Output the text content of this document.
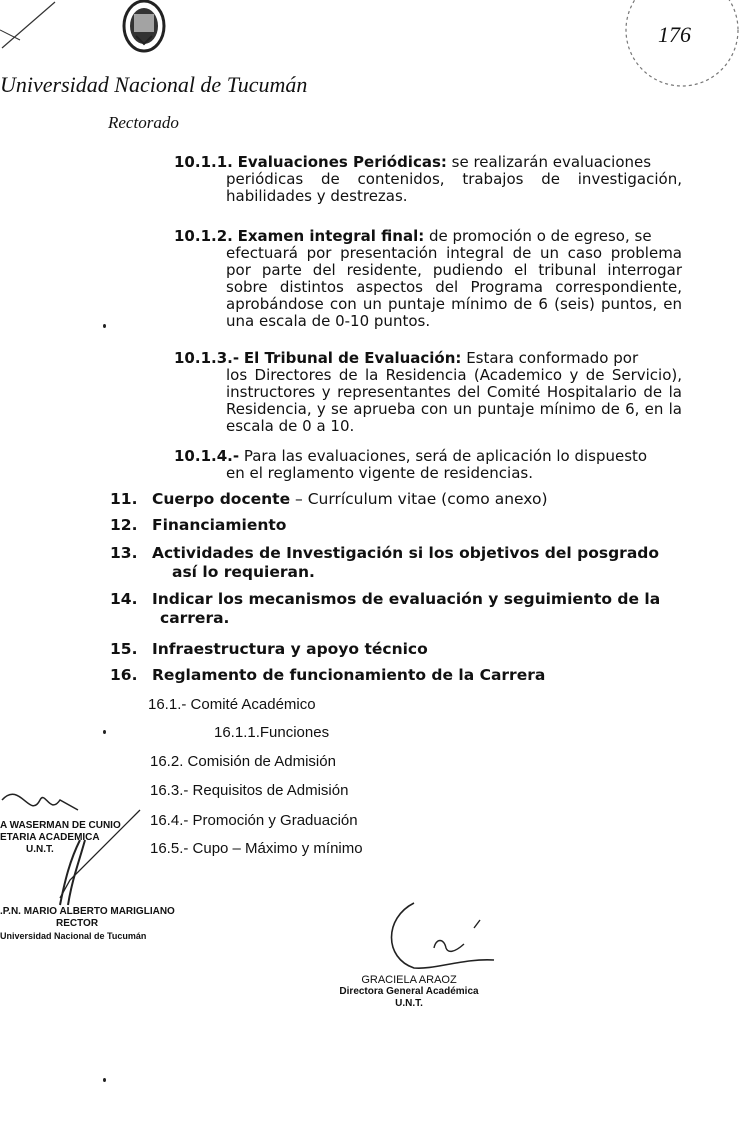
Universidad Nacional de Tucumán
Rectorado
176
10.1.1. Evaluaciones Periódicas: se realizarán evaluaciones
periódicas de contenidos, trabajos de investigación, habilidades y destrezas.
10.1.2. Examen integral final: de promoción o de egreso, se
efectuará por presentación integral de un caso problema por parte del residente, pudiendo el tribunal interrogar sobre distintos aspectos del Programa correspondiente, aprobándose con un puntaje mínimo de 6 (seis) puntos, en una escala de 0-10 puntos.
10.1.3.- El Tribunal de Evaluación: Estara conformado por
los Directores de la Residencia (Academico y de Servicio), instructores y representantes del Comité Hospitalario de la Residencia, y se aprueba con un puntaje mínimo de 6, en la escala de 0 a 10.
10.1.4.- Para las evaluaciones, será de aplicación lo dispuesto
en el reglamento vigente de residencias.
11. Cuerpo docente – Currículum vitae (como anexo)
12. Financiamiento
13. Actividades de Investigación si los objetivos del posgrado
así lo requieran.
14. Indicar los mecanismos de evaluación y seguimiento de la
carrera.
15. Infraestructura y apoyo técnico
16. Reglamento de funcionamiento de la Carrera
16.1.- Comité Académico
16.1.1.Funciones
16.2. Comisión de Admisión
16.3.- Requisitos de Admisión
16.4.- Promoción y Graduación
16.5.- Cupo – Máximo y mínimo
A WASERMAN DE CUNIO
ETARIA ACADEMICA
U.N.T.
.P.N. MARIO ALBERTO MARIGLIANO
RECTOR
Universidad Nacional de Tucumán
GRACIELA ARAOZ
Directora General Académica
U.N.T.
